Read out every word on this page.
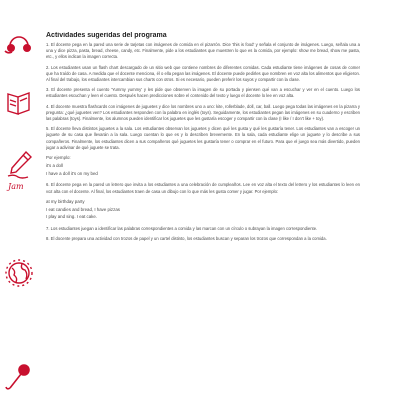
Jam
Actividades sugeridas del programa
1. El docente pega en la pared una serie de tarjetas con imágenes de comida en el pizarrón. Dice 'this is food' y señala el conjunto de imágenes. Luego, señala una a una y dice pizza, pasta, bread, cheese, candy, etc. Finalmente, pide a los estudiantes que muestren lo que es la comida, por ejemplo: show me bread, show me pasta, etc., y ellos indican la imagen correcta.
2. Los estudiantes usan un flash chart descargado de un sitio web que contiene nombres de diferentes comidas. Cada estudiante tiene imágenes de cosas de comer que ha traído de casa. A medida que el docente menciona, él o ella pegan las imágenes. El docente puede pedirles que nombren en voz alta los alimentos que eligieron. Al final del trabajo, los estudiantes intercambian sus charts con otros. Si es necesario, pueden preferir los suyos y compartir con la clase.
3. El docente presenta el cuento 'Yummy yummy' y les pide que observen la imagen de su portada y piensen qué van a escuchar y ver en el cuento. Luego los estudiantes escuchan y leen el cuento. Después hacen predicciones sobre el contenido del texto y luego el docente lo lee en voz alta.
4. El docente muestra flashcards con imágenes de juguetes y dice los nombres uno a uno: kite, rollerblade, doll, car, ball. Luego pega todas las imágenes en la pizarra y pregunta: ¿qué juguetes ven? Los estudiantes responden con la palabra en inglés (toys). Seguidamente, los estudiantes pegan las imágenes en su cuaderno y escriben las palabras (toys). Finalmente, los alumnos pueden identificar los juguetes que les gustaría escoger y compartir con la clase (I like / I don't like + toy).
5. El docente lleva distintos juguetes a la sala. Los estudiantes observan los juguetes y dicen qué les gusta y qué les gustaría tener. Los estudiantes van a escoger un juguete de su casa que llevarán a la sala. Luego cuentan lo que es y lo describen brevemente. En la sala, cada estudiante elige un juguete y lo describe a sus compañeros. Finalmente, los estudiantes dicen a sus compañeros qué juguetes les gustaría tener o comprar en el futuro. Para que el juego sea más divertido, pueden jugar a adivinar de qué juguete se trata.
Por ejemplo:
it's a doll
I have a doll it's on my bed
6. El docente pega en la pared un letrero que invita a los estudiantes a una celebración de cumpleaños. Lee en voz alta el texto del letrero y los estudiantes lo leen en voz alta con el docente. Al final, los estudiantes traen de casa un dibujo con lo que más les gusta comer y jugar. Por ejemplo:
at my birthday party
I eat candies and bread, I have pizzas
I play and sing. I eat cake.
7. Los estudiantes juegan a identificar las palabras correspondientes a comida y las marcan con un círculo o subrayan la imagen correspondiente.
8. El docente prepara una actividad con trozos de papel y un cartel distinto, los estudiantes buscan y separan los trozos que correspondan a la comida.
